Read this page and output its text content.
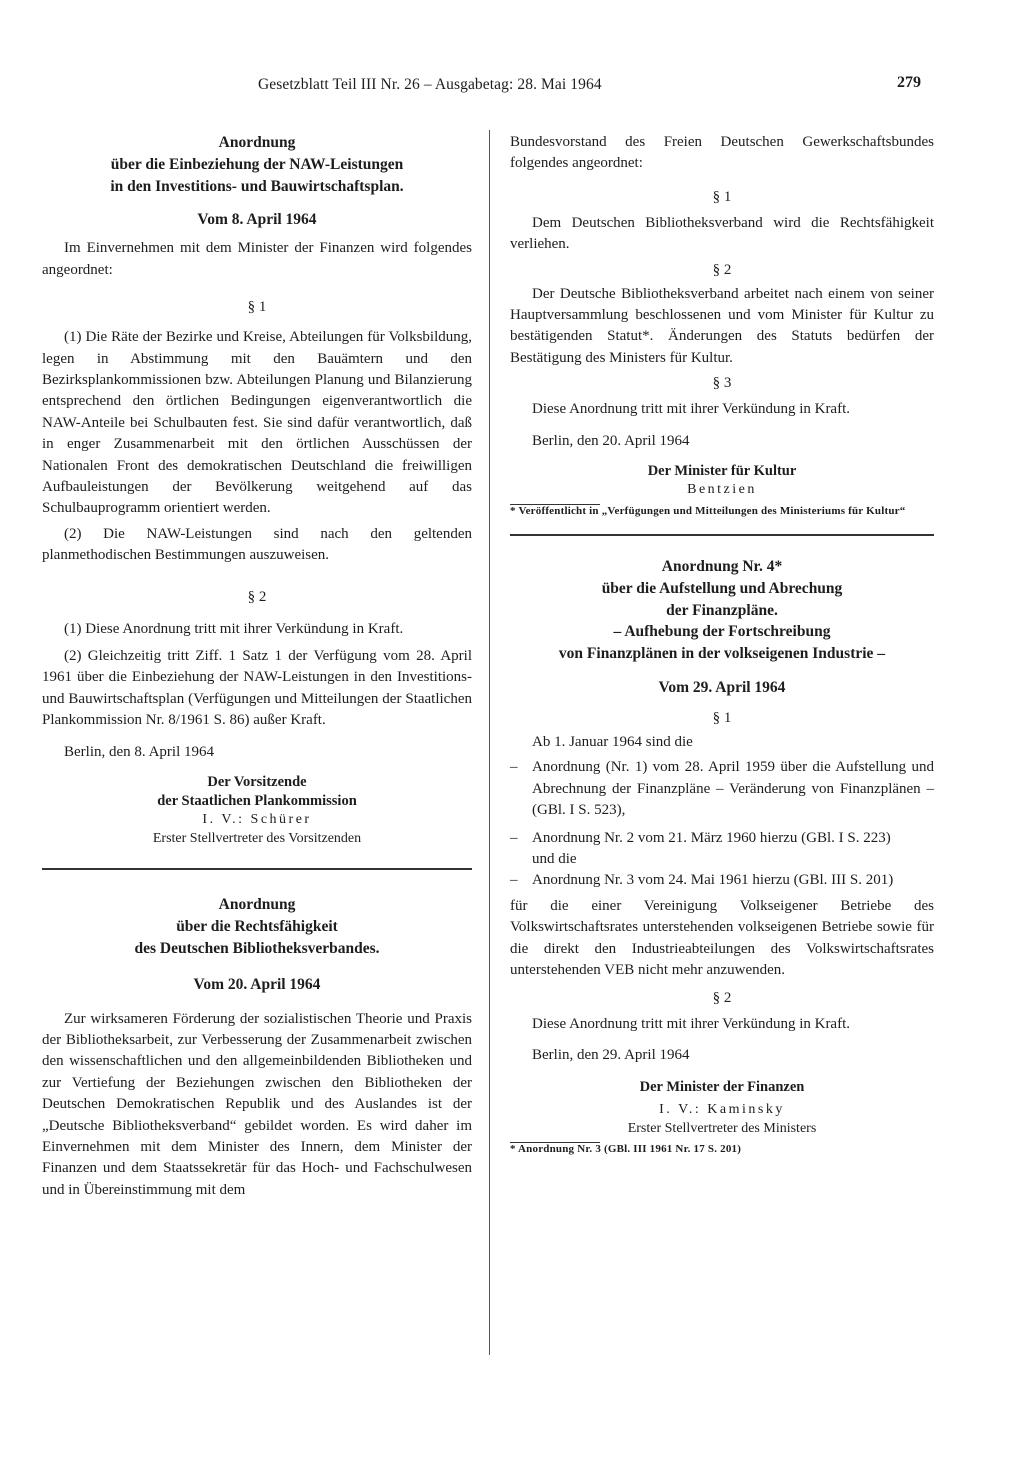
Gesetzblatt Teil III Nr. 26 – Ausgabetag: 28. Mai 1964	279

Anordnung

über die Einbeziehung der NAW-Leistungen

in den Investitions- und Bauwirtschaftsplan.

Vom 8. April 1964

Im Einvernehmen mit dem Minister der Finanzen wird folgendes angeordnet:

§ 1

(1) Die Räte der Bezirke und Kreise, Abteilungen für Volksbildung, legen in Abstimmung mit den Bauämtern und den Bezirksplankommissionen bzw. Abteilungen Planung und Bilanzierung entsprechend den örtlichen Bedingungen eigenverantwortlich die NAW-Anteile bei Schulbauten fest. Sie sind dafür verantwortlich, daß in enger Zusammenarbeit mit den örtlichen Ausschüssen der Nationalen Front des demokratischen Deutschland die freiwilligen Aufbauleistungen der Bevölkerung weitgehend auf das Schulbauprogramm orientiert werden.

(2) Die NAW-Leistungen sind nach den geltenden planmethodischen Bestimmungen auszuweisen.

§ 2

(1) Diese Anordnung tritt mit ihrer Verkündung in Kraft.

(2) Gleichzeitig tritt Ziff. 1 Satz 1 der Verfügung vom 28. April 1961 über die Einbeziehung der NAW-Leistungen in den Investitions- und Bauwirtschaftsplan (Verfügungen und Mitteilungen der Staatlichen Plankommission Nr. 8/1961 S. 86) außer Kraft.

Berlin, den 8. April 1964

Der Vorsitzende

der Staatlichen Plankommission

I. V.: Schürer

Erster Stellvertreter des Vorsitzenden

Anordnung

über die Rechtsfähigkeit

des Deutschen Bibliotheksverbandes.

Vom 20. April 1964

Zur wirksameren Förderung der sozialistischen Theorie und Praxis der Bibliotheksarbeit, zur Verbesserung der Zusammenarbeit zwischen den wissenschaftlichen und den allgemeinbildenden Bibliotheken und zur Vertiefung der Beziehungen zwischen den Bibliotheken der Deutschen Demokratischen Republik und des Auslandes ist der „Deutsche Bibliotheksverband“ gebildet worden. Es wird daher im Einvernehmen mit dem Minister des Innern, dem Minister der Finanzen und dem Staatssekretär für das Hoch- und Fachschulwesen und in Übereinstimmung mit dem

Bundesvorstand des Freien Deutschen Gewerkschaftsbundes folgendes angeordnet:

§ 1

Dem Deutschen Bibliotheksverband wird die Rechtsfähigkeit verliehen.

§ 2

Der Deutsche Bibliotheksverband arbeitet nach einem von seiner Hauptversammlung beschlossenen und vom Minister für Kultur zu bestätigenden Statut*. Änderungen des Statuts bedürfen der Bestätigung des Ministers für Kultur.

§ 3

Diese Anordnung tritt mit ihrer Verkündung in Kraft.

Berlin, den 20. April 1964

Der Minister für Kultur

Bentzien

* Veröffentlicht in „Verfügungen und Mitteilungen des Ministeriums für Kultur“

Anordnung Nr. 4*

über die Aufstellung und Abrechung

der Finanzpläne.

– Aufhebung der Fortschreibung

von Finanzplänen in der volkseigenen Industrie –

Vom 29. April 1964

§ 1

Ab 1. Januar 1964 sind die

– Anordnung (Nr. 1) vom 28. April 1959 über die Aufstellung und Abrechnung der Finanzpläne – Veränderung von Finanzplänen – (GBl. I S. 523),

– Anordnung Nr. 2 vom 21. März 1960 hierzu (GBl. I S. 223)

und die

– Anordnung Nr. 3 vom 24. Mai 1961 hierzu (GBl. III S. 201)

für die einer Vereinigung Volkseigener Betriebe des Volkswirtschaftsrates unterstehenden volkseigenen Betriebe sowie für die direkt den Industrieabteilungen des Volkswirtschaftsrates unterstehenden VEB nicht mehr anzuwenden.

§ 2

Diese Anordnung tritt mit ihrer Verkündung in Kraft.

Berlin, den 29. April 1964

Der Minister der Finanzen

I. V.: Kaminsky

Erster Stellvertreter des Ministers

* Anordnung Nr. 3 (GBl. III 1961 Nr. 17 S. 201)
